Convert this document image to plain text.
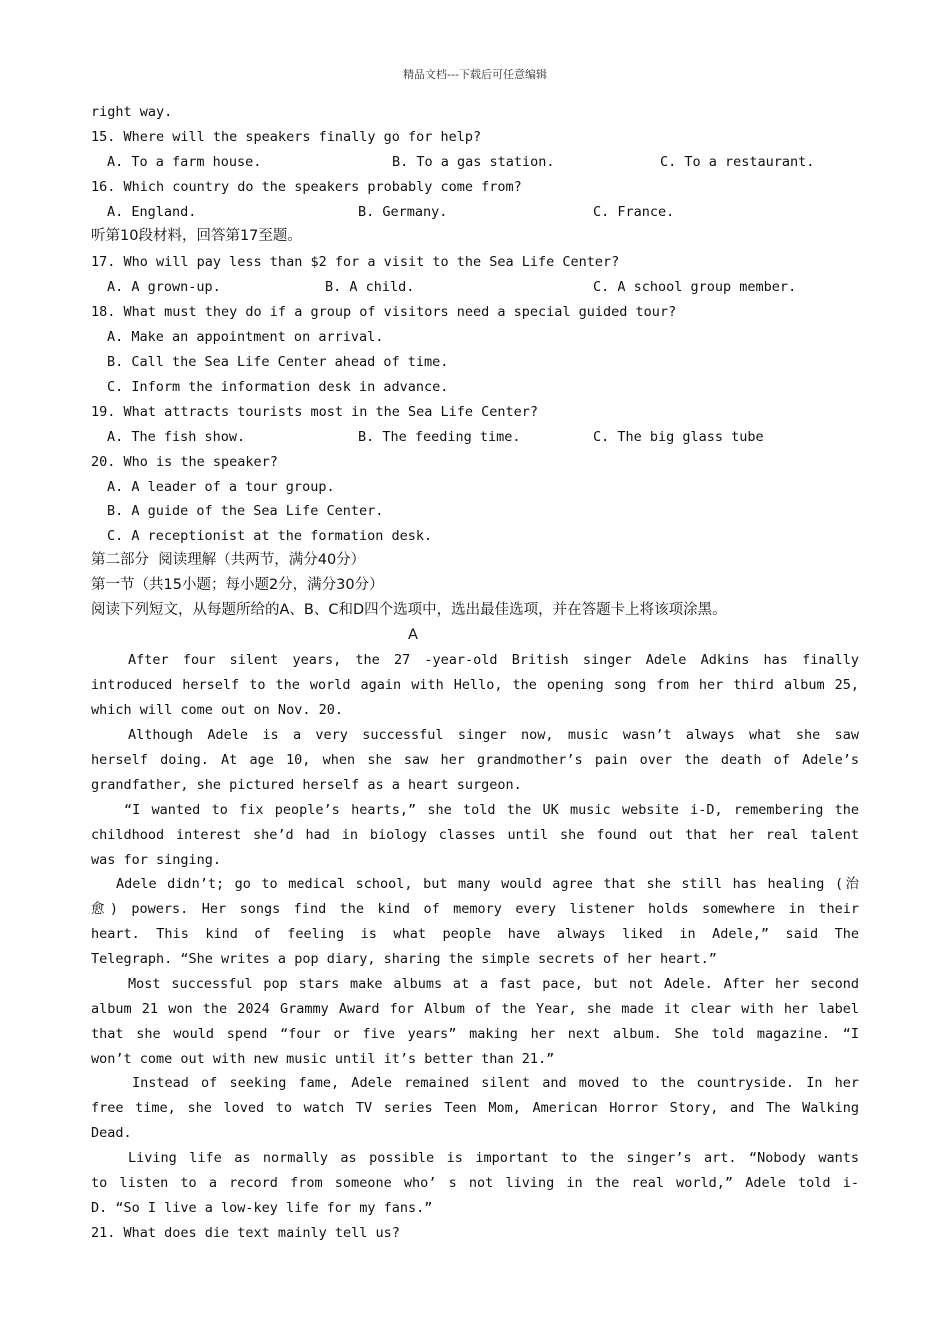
精品文档---下载后可任意编辑
right way.
15. Where will the speakers finally go for help?
A. To a farm house.	B. To a gas station.	C. To a restaurant.
16. Which country do the speakers probably come from?
A. England.	B. Germany.	C. France.
听第10段材料，回答第17至题。
17. Who will pay less than $2 for a visit to the Sea Life Center?
A. A grown-up.	B. A child.	C. A school group member.
18. What must they do if a group of visitors need a special guided tour?
A. Make an appointment on arrival.
B. Call the Sea Life Center ahead of time.
C. Inform the information desk in advance.
19. What attracts tourists most in the Sea Life Center?
A. The fish show.	B. The feeding time.	C. The big glass tube
20. Who is the speaker?
A. A leader of a tour group.
B. A guide of the Sea Life Center.
C. A receptionist at the formation desk.
第二部分  阅读理解（共两节，满分40分）
第一节（共15小题；每小题2分，满分30分）
阅读下列短文，从每题所给的A、B、C和D四个选项中，选出最佳选项，并在答题卡上将该项涂黑。
A
After four silent years, the 27 -year-old British singer Adele Adkins has finally
introduced herself to the world again with Hello, the opening song from her third album 25,
which will come out on Nov. 20.
Although Adele is a very successful singer now, music wasn’t always what she saw
herself doing. At age 10, when she saw her grandmother’s pain over the death of Adele’s
grandfather, she pictured herself as a heart surgeon.
“I wanted to fix people’s hearts,” she told the UK music website i-D, remembering the
childhood interest she’d had in biology classes until she found out that her real talent
was for singing.
Adele didn’t; go to medical school, but many would agree that she still has healing (治
愈) powers. Her songs find the kind of memory every listener holds somewhere in their
heart. This kind of feeling is what people have always liked in Adele,” said The
Telegraph. “She writes a pop diary, sharing the simple secrets of her heart.”
Most successful pop stars make albums at a fast pace, but not Adele. After her second
album 21 won the 2024 Grammy Award for Album of the Year, she made it clear with her label
that she would spend “four or five years” making her next album. She told magazine. “I
won’t come out with new music until it’s better than 21.”
Instead of seeking fame, Adele remained silent and moved to the countryside. In her
free time, she loved to watch TV series Teen Mom, American Horror Story, and The Walking
Dead.
Living life as normally as possible is important to the singer’s art. “Nobody wants
to listen to a record from someone who’ s not living in the real world,” Adele told i-
D. “So I live a low-key life for my fans.”
21. What does die text mainly tell us?
